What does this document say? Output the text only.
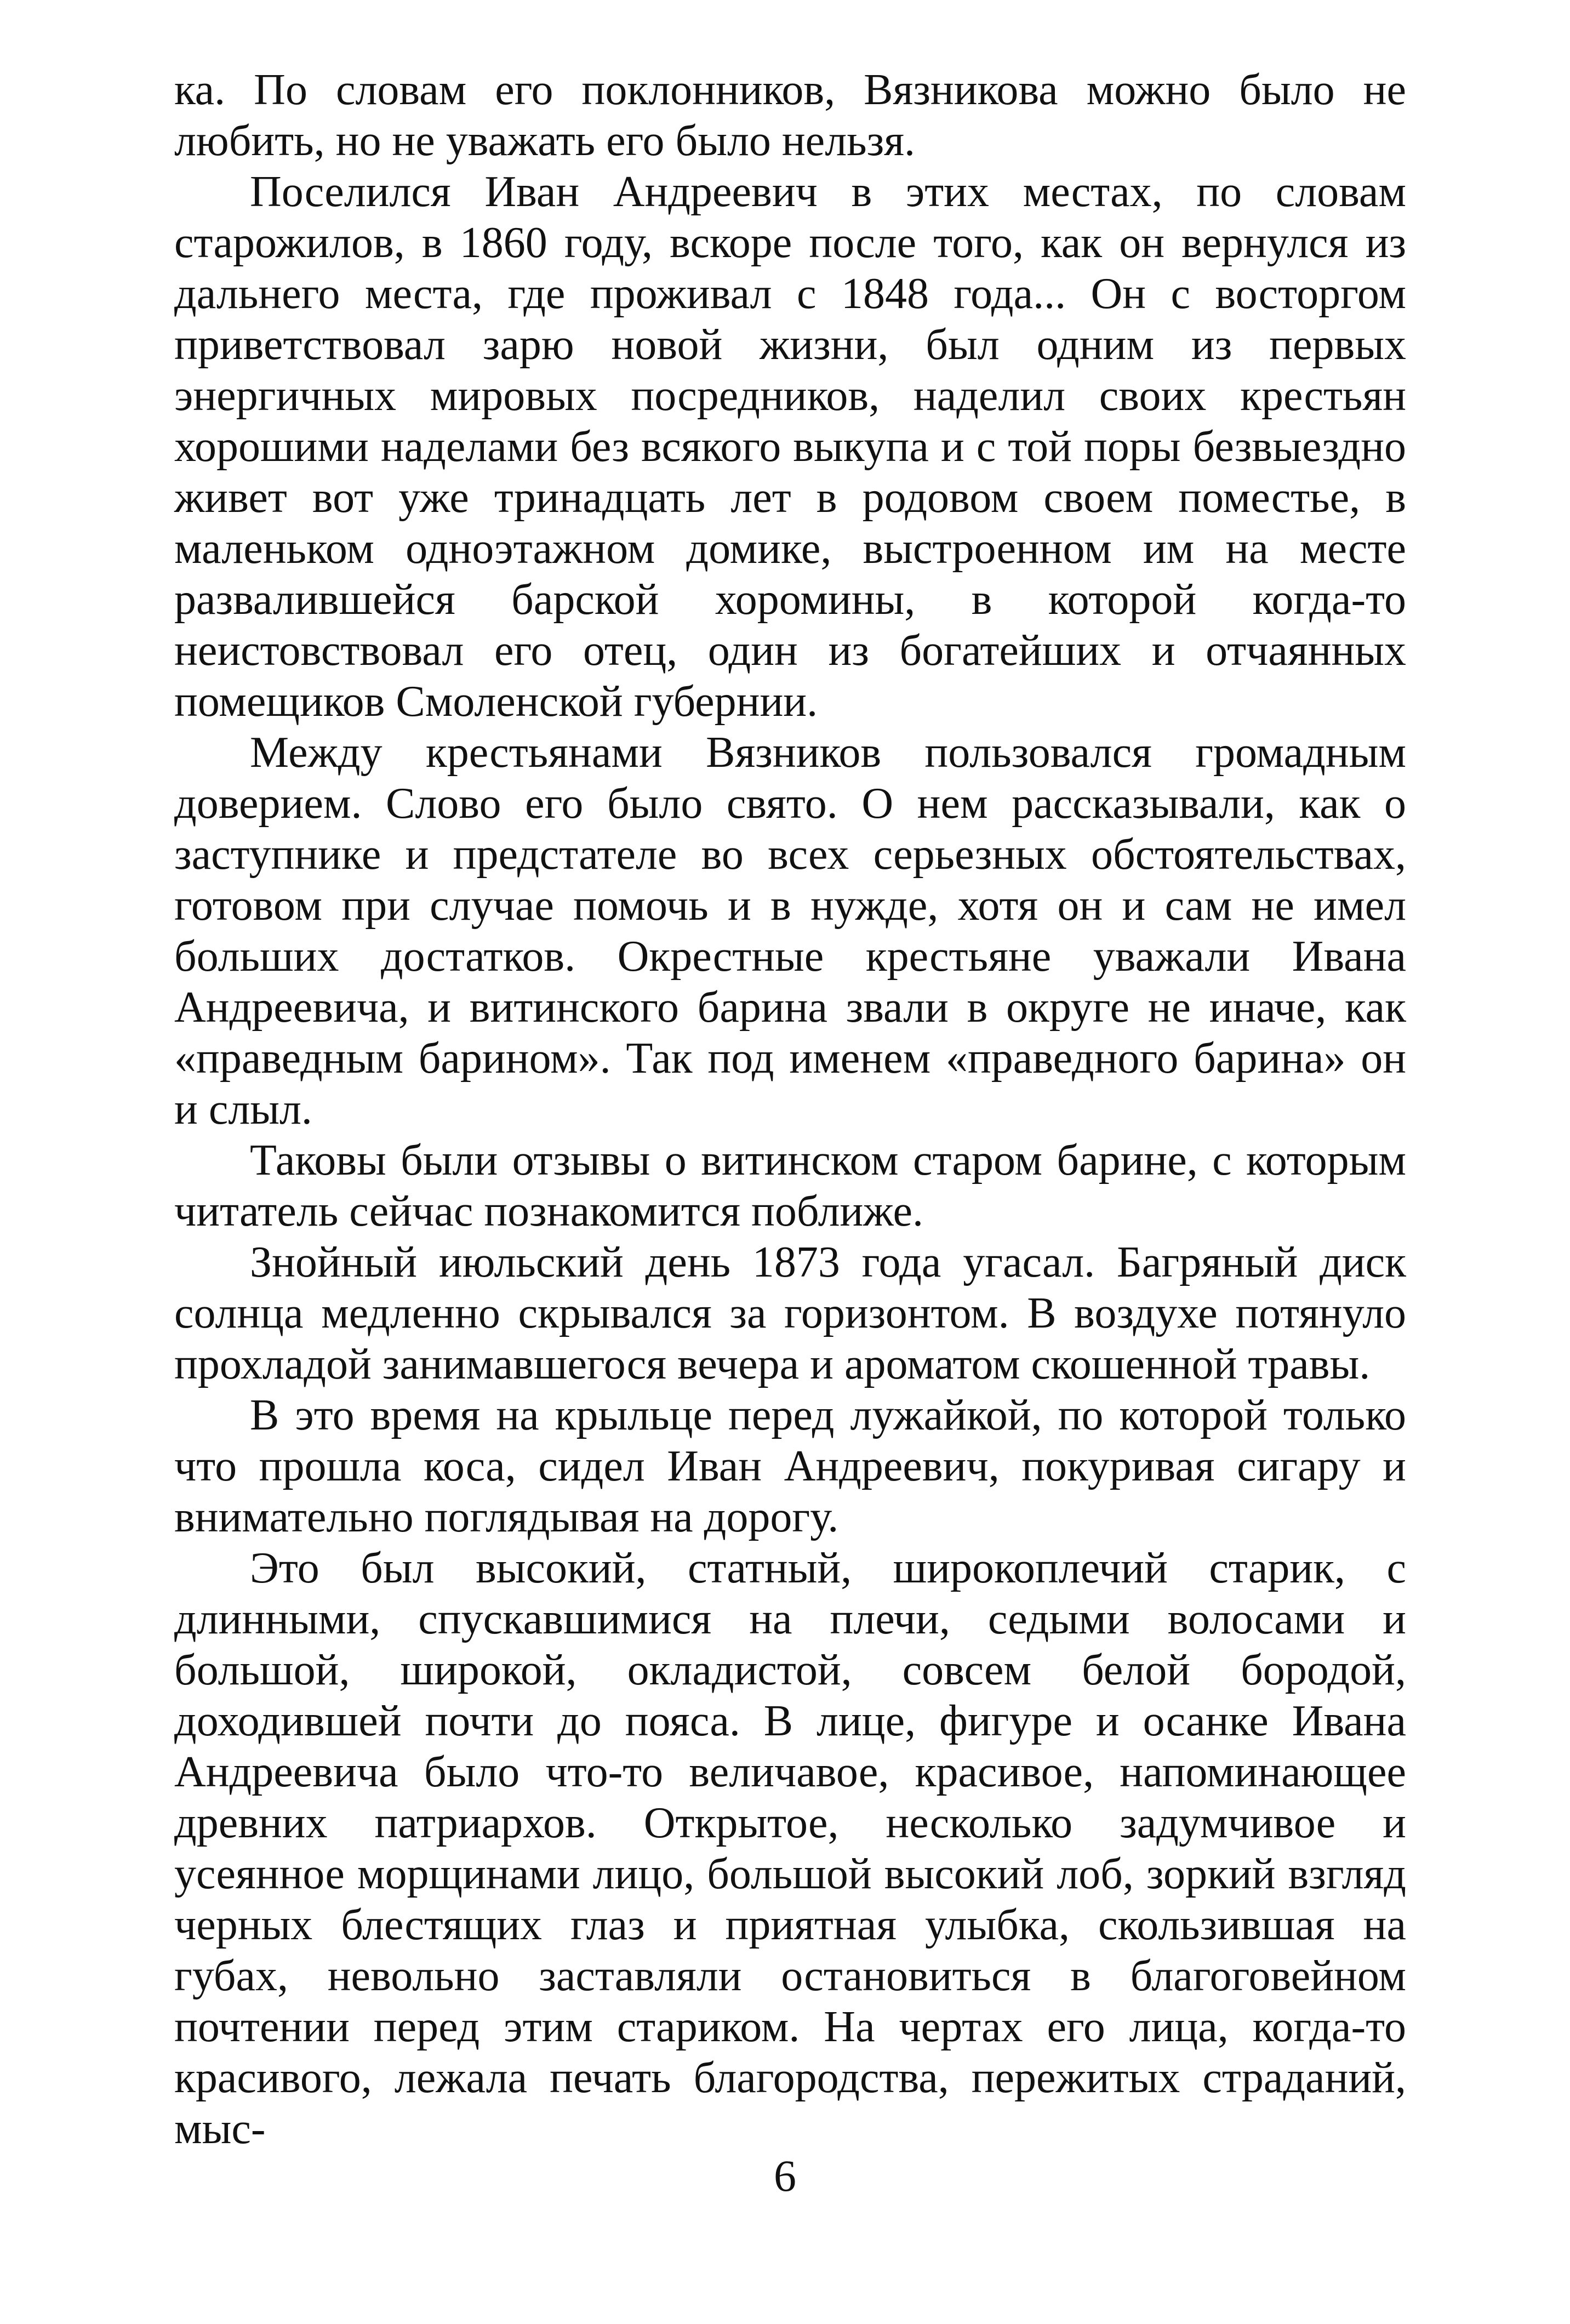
ка. По словам его поклонников, Вязникова можно было не любить, но не уважать его было нельзя.

Поселился Иван Андреевич в этих местах, по словам старожилов, в 1860 году, вскоре после того, как он вернулся из дальнего места, где проживал с 1848 года... Он с восторгом приветствовал зарю новой жизни, был одним из первых энергичных мировых посредников, наделил своих крестьян хорошими наделами без всякого выкупа и с той поры безвыездно живет вот уже тринадцать лет в родовом своем поместье, в маленьком одноэтажном домике, выстроенном им на месте развалившейся барской хоромины, в которой когда-то неистовствовал его отец, один из богатейших и отчаянных помещиков Смоленской губернии.

Между крестьянами Вязников пользовался громадным доверием. Слово его было свято. О нем рассказывали, как о заступнике и предстателе во всех серьезных обстоятельствах, готовом при случае помочь и в нужде, хотя он и сам не имел больших достатков. Окрестные крестьяне уважали Ивана Андреевича, и витинского барина звали в округе не иначе, как «праведным барином». Так под именем «праведного барина» он и слыл.

Таковы были отзывы о витинском старом барине, с которым читатель сейчас познакомится поближе.

Знойный июльский день 1873 года угасал. Багряный диск солнца медленно скрывался за горизонтом. В воздухе потянуло прохладой занимавшегося вечера и ароматом скошенной травы.

В это время на крыльце перед лужайкой, по которой только что прошла коса, сидел Иван Андреевич, покуривая сигару и внимательно поглядывая на дорогу.

Это был высокий, статный, широкоплечий старик, с длинными, спускавшимися на плечи, седыми волосами и большой, широкой, окладистой, совсем белой бородой, доходившей почти до пояса. В лице, фигуре и осанке Ивана Андреевича было что-то величавое, красивое, напоминающее древних патриархов. Открытое, несколько задумчивое и усеянное морщинами лицо, большой высокий лоб, зоркий взгляд черных блестящих глаз и приятная улыбка, скользившая на губах, невольно заставляли остановиться в благоговейном почтении перед этим стариком. На чертах его лица, когда-то красивого, лежала печать благородства, пережитых страданий, мыс-

6
